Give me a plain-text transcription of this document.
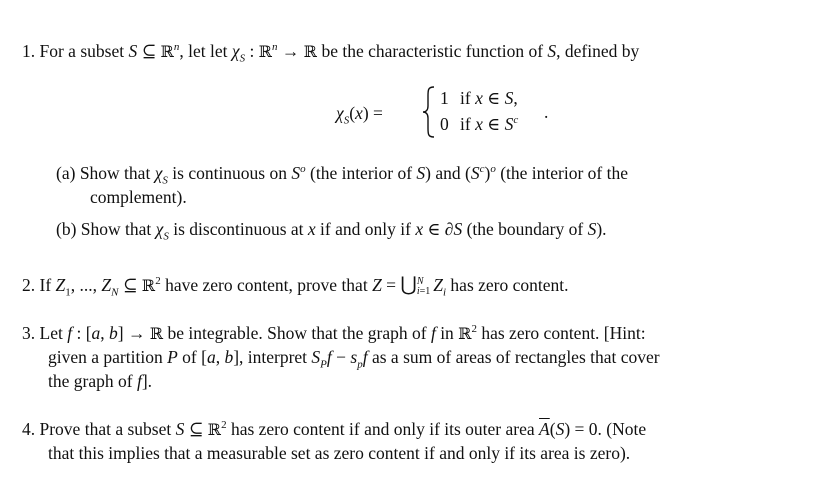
1. For a subset S ⊆ ℝ$^n$, let let $\chi_S$ : ℝ$^n$ → ℝ be the characteristic function of S, defined by
$\chi_S(x)$ =
1 if x ∈ S,
0 if x ∈ $S^c$ .
(a) Show that $\chi_S$ is continuous on $S^o$ (the interior of S) and $(S^c)^o$ (the interior of the
complement).
(b) Show that $\chi_S$ is discontinuous at x if and only if x ∈ ∂S (the boundary of S).
2. If $Z_1$, ..., $Z_N$ ⊆ ℝ$^2$ have zero content, prove that Z = ⋃ N
i=1 $Z_i$ has zero content.
3. Let f : [a, b] → ℝ be integrable. Show that the graph of f in ℝ$^2$ has zero content. [Hint:
given a partition P of [a, b], interpret $S_Pf - s_pf$ as a sum of areas of rectangles that cover
the graph of f].
4. Prove that a subset S ⊆ ℝ$^2$ has zero content if and only if its outer area $\overline{A}(S) = 0$. (Note
that this implies that a measurable set as zero content if and only if its area is zero).
